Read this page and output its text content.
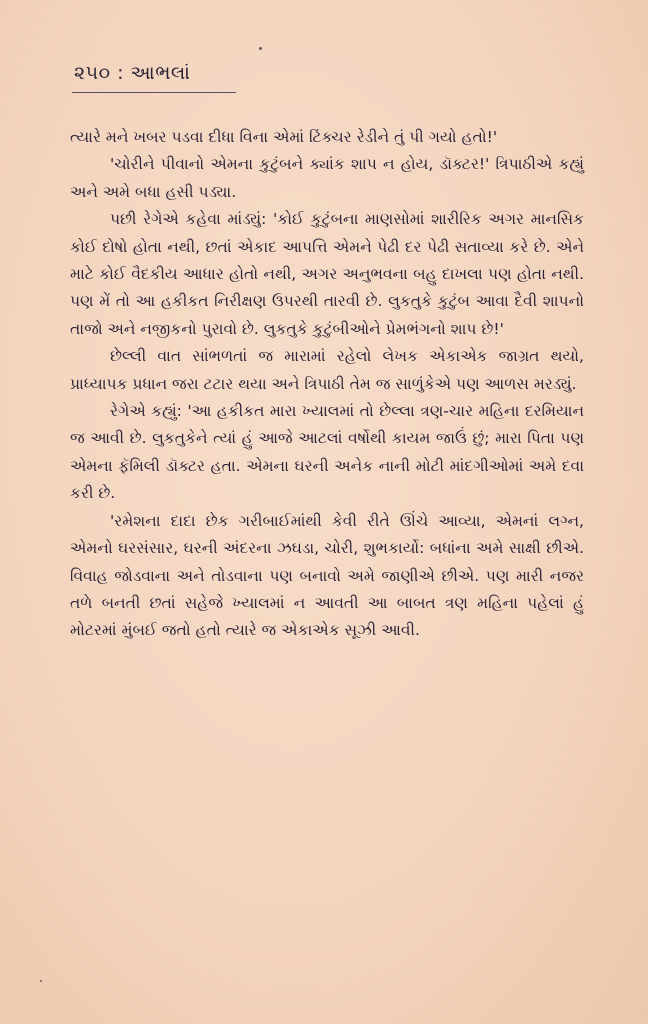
૨૫૦ : આભલાં

ત્યારે મને ખબર પડવા દીધા વિના એમાં ટિંક્ચર રેડીને તું પી ગયો હતો!'

'ચોરીને પીવાનો એમના કુટુંબને ક્યાંક શાપ ન હોય, ડૉક્ટર!' ત્રિપાઠીએ કહ્યું અને અમે બધા હસી પડ્યા.

પછી રેગેએ કહેવા માંડ્યું: 'કોઈ કુટુંબના માણસોમાં શારીરિક અગર માનસિક કોઈ દોષો હોતા નથી, છતાં એકાદ આપત્તિ એમને પેઢી દર પેઢી સતાવ્યા કરે છે. એને માટે કોઈ વૈદકીય આધાર હોતો નથી, અગર અનુભવના બહુ દાખલા પણ હોતા નથી. પણ મેં તો આ હકીકત નિરીક્ષણ ઉપરથી તારવી છે. લુકતુકે કુટુંબ આવા દૈવી શાપનો તાજો અને નજીકનો પુરાવો છે. લુકતુકે કુટુંબીઓને પ્રેમભંગનો શાપ છે!'

છેલ્લી વાત સાંભળતાં જ મારામાં રહેલો લેખક એકાએક જાગ્રત થયો, પ્રાધ્યાપક પ્રધાન જરા ટટાર થયા અને ત્રિપાઠી તેમ જ સાળુંકેએ પણ આળસ મરડ્યું.

રેગેએ કહ્યું: 'આ હકીકત મારા ખ્યાલમાં તો છેલ્લા ત્રણ-ચાર મહિના દરમિયાન જ આવી છે. લુકતુકેને ત્યાં હું આજે આટલાં વર્ષોથી કાયમ જાઉં છું; મારા પિતા પણ એમના ફૅમિલી ડૉક્ટર હતા. એમના ઘરની અનેક નાની મોટી માંદગીઓમાં અમે દવા કરી છે.

'રમેશના દાદા છેક ગરીબાઈમાંથી કેવી રીતે ઊંચે આવ્યા, એમનાં લગ્ન, એમનો ઘરસંસાર, ઘરની અંદરના ઝઘડા, ચોરી, શુભકાર્યો: બધાંના અમે સાક્ષી છીએ. વિવાહ જોડવાના અને તોડવાના પણ બનાવો અમે જાણીએ છીએ. પણ મારી નજર તળે બનતી છતાં સહેજે ખ્યાલમાં ન આવતી આ બાબત ત્રણ મહિના પહેલાં હું મોટરમાં મુંબઈ જતો હતો ત્યારે જ એકાએક સૂઝી આવી.
